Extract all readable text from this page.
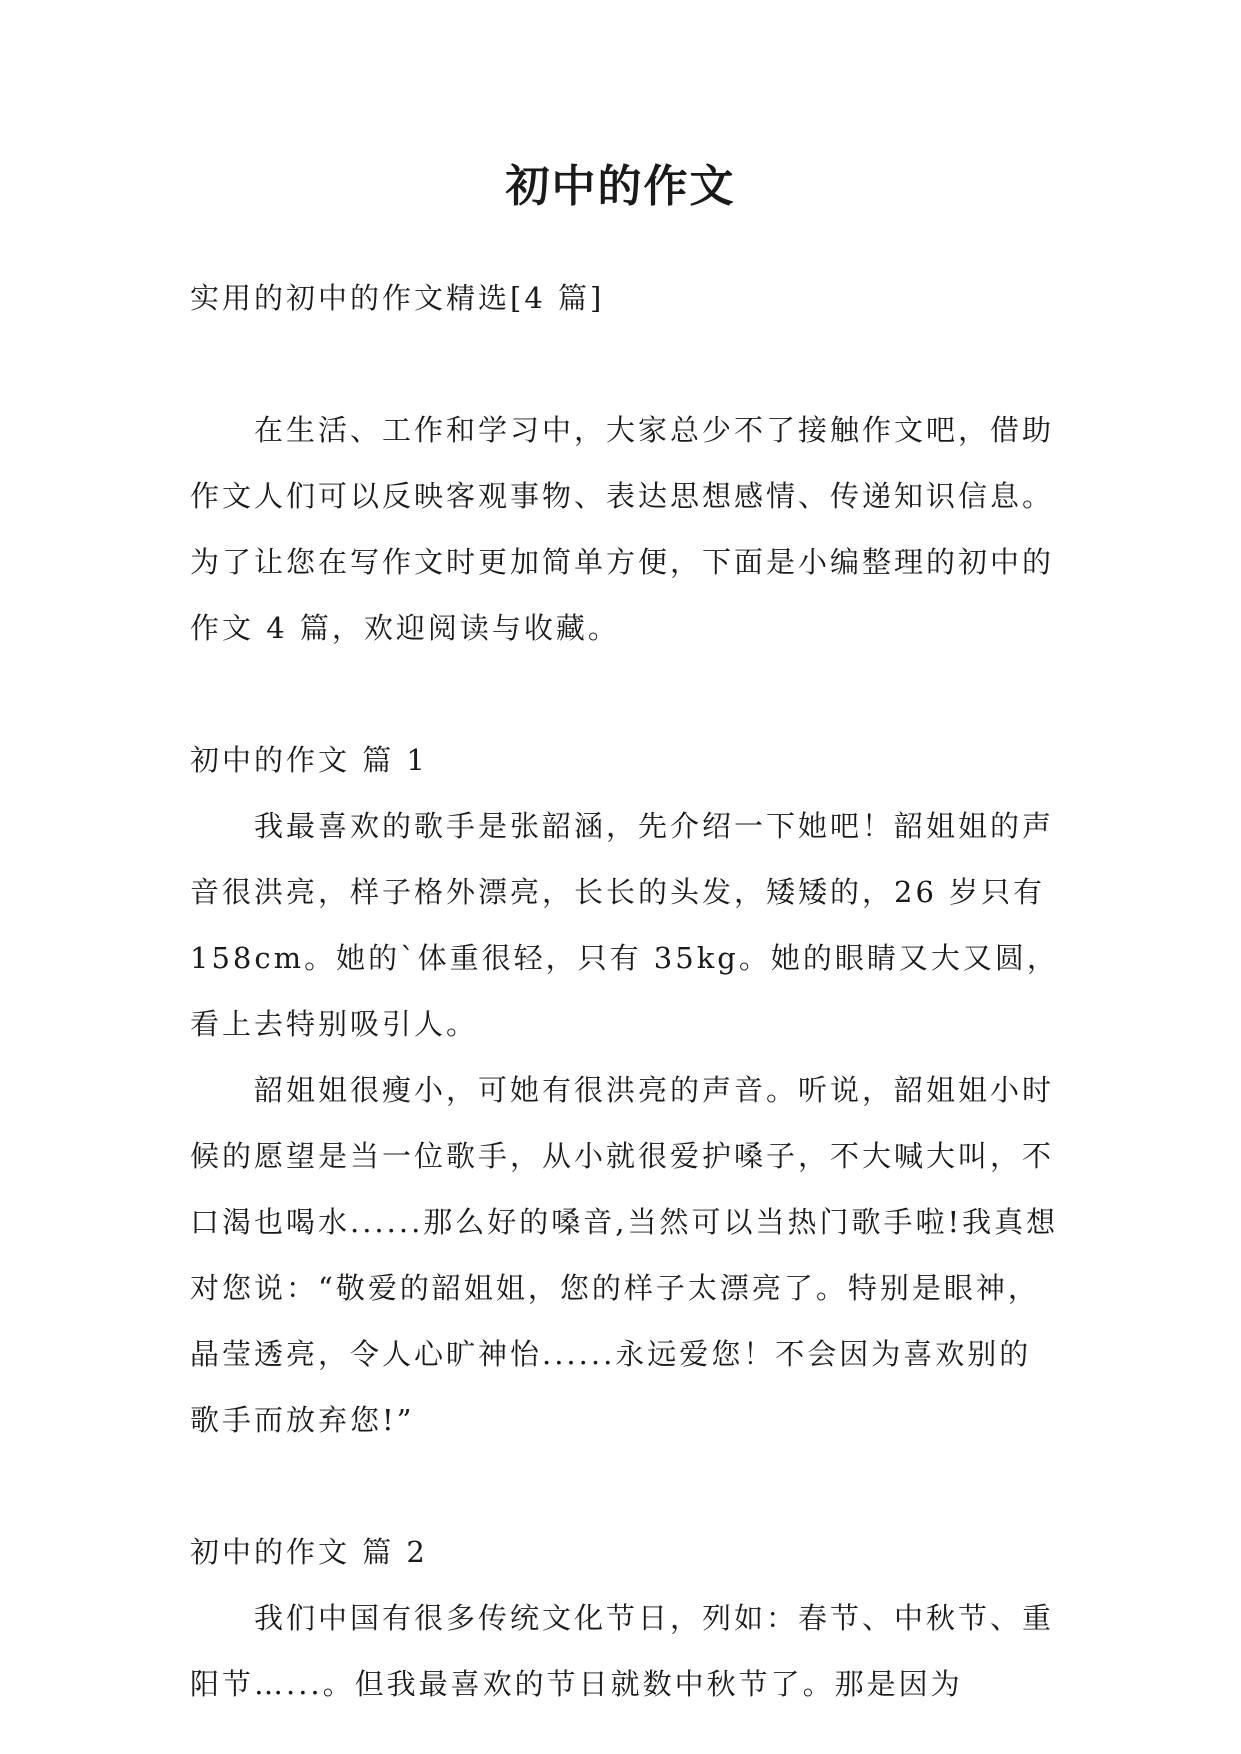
初中的作文

实用的初中的作文精选[4 篇]

在生活、工作和学习中，大家总少不了接触作文吧，借助作文人们可以反映客观事物、表达思想感情、传递知识信息。为了让您在写作文时更加简单方便，下面是小编整理的初中的作文 4 篇，欢迎阅读与收藏。

初中的作文 篇 1

我最喜欢的歌手是张韶涵，先介绍一下她吧！韶姐姐的声音很洪亮，样子格外漂亮，长长的头发，矮矮的，26 岁只有 158cm。她的`体重很轻，只有 35kg。她的眼睛又大又圆，看上去特别吸引人。

韶姐姐很瘦小，可她有很洪亮的声音。听说，韶姐姐小时候的愿望是当一位歌手，从小就很爱护嗓子，不大喊大叫，不口渴也喝水......那么好的嗓音,当然可以当热门歌手啦!我真想对您说：“敬爱的韶姐姐，您的样子太漂亮了。特别是眼神，晶莹透亮，令人心旷神怡......永远爱您！不会因为喜欢别的歌手而放弃您!”

初中的作文 篇 2

我们中国有很多传统文化节日，列如：春节、中秋节、重阳节…...。但我最喜欢的节日就数中秋节了。那是因为
